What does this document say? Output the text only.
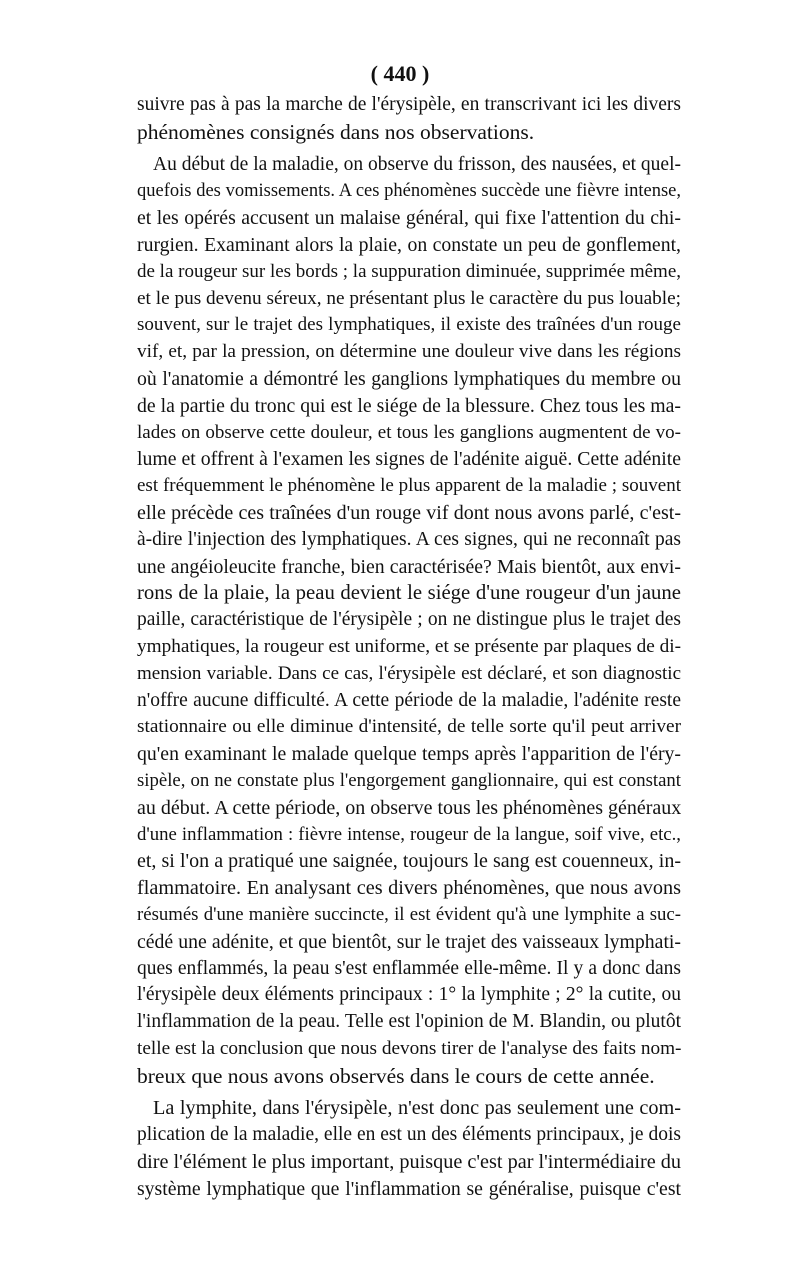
( 440 )
suivre pas à pas la marche de l'érysipèle, en transcrivant ici les divers
phénomènes consignés dans nos observations.
Au début de la maladie, on observe du frisson, des nausées, et quel-
quefois des vomissements. A ces phénomènes succède une fièvre intense,
et les opérés accusent un malaise général, qui fixe l'attention du chi-
rurgien. Examinant alors la plaie, on constate un peu de gonflement,
de la rougeur sur les bords ; la suppuration diminuée, supprimée même,
et le pus devenu séreux, ne présentant plus le caractère du pus louable;
souvent, sur le trajet des lymphatiques, il existe des traînées d'un rouge
vif, et, par la pression, on détermine une douleur vive dans les régions
où l'anatomie a démontré les ganglions lymphatiques du membre ou
de la partie du tronc qui est le siége de la blessure. Chez tous les ma-
lades on observe cette douleur, et tous les ganglions augmentent de vo-
lume et offrent à l'examen les signes de l'adénite aiguë. Cette adénite
est fréquemment le phénomène le plus apparent de la maladie ; souvent
elle précède ces traînées d'un rouge vif dont nous avons parlé, c'est-
à-dire l'injection des lymphatiques. A ces signes, qui ne reconnaît pas
une angéioleucite franche, bien caractérisée? Mais bientôt, aux envi-
rons de la plaie, la peau devient le siége d'une rougeur d'un jaune
paille, caractéristique de l'érysipèle ; on ne distingue plus le trajet des
ymphatiques, la rougeur est uniforme, et se présente par plaques de di-
mension variable. Dans ce cas, l'érysipèle est déclaré, et son diagnostic
n'offre aucune difficulté. A cette période de la maladie, l'adénite reste
stationnaire ou elle diminue d'intensité, de telle sorte qu'il peut arriver
qu'en examinant le malade quelque temps après l'apparition de l'éry-
sipèle, on ne constate plus l'engorgement ganglionnaire, qui est constant
au début. A cette période, on observe tous les phénomènes généraux
d'une inflammation : fièvre intense, rougeur de la langue, soif vive, etc.,
et, si l'on a pratiqué une saignée, toujours le sang est couenneux, in-
flammatoire. En analysant ces divers phénomènes, que nous avons
résumés d'une manière succincte, il est évident qu'à une lymphite a suc-
cédé une adénite, et que bientôt, sur le trajet des vaisseaux lymphati-
ques enflammés, la peau s'est enflammée elle-même. Il y a donc dans
l'érysipèle deux éléments principaux : 1° la lymphite ; 2° la cutite, ou
l'inflammation de la peau. Telle est l'opinion de M. Blandin, ou plutôt
telle est la conclusion que nous devons tirer de l'analyse des faits nom-
breux que nous avons observés dans le cours de cette année.
La lymphite, dans l'érysipèle, n'est donc pas seulement une com-
plication de la maladie, elle en est un des éléments principaux, je dois
dire l'élément le plus important, puisque c'est par l'intermédiaire du
système lymphatique que l'inflammation se généralise, puisque c'est
